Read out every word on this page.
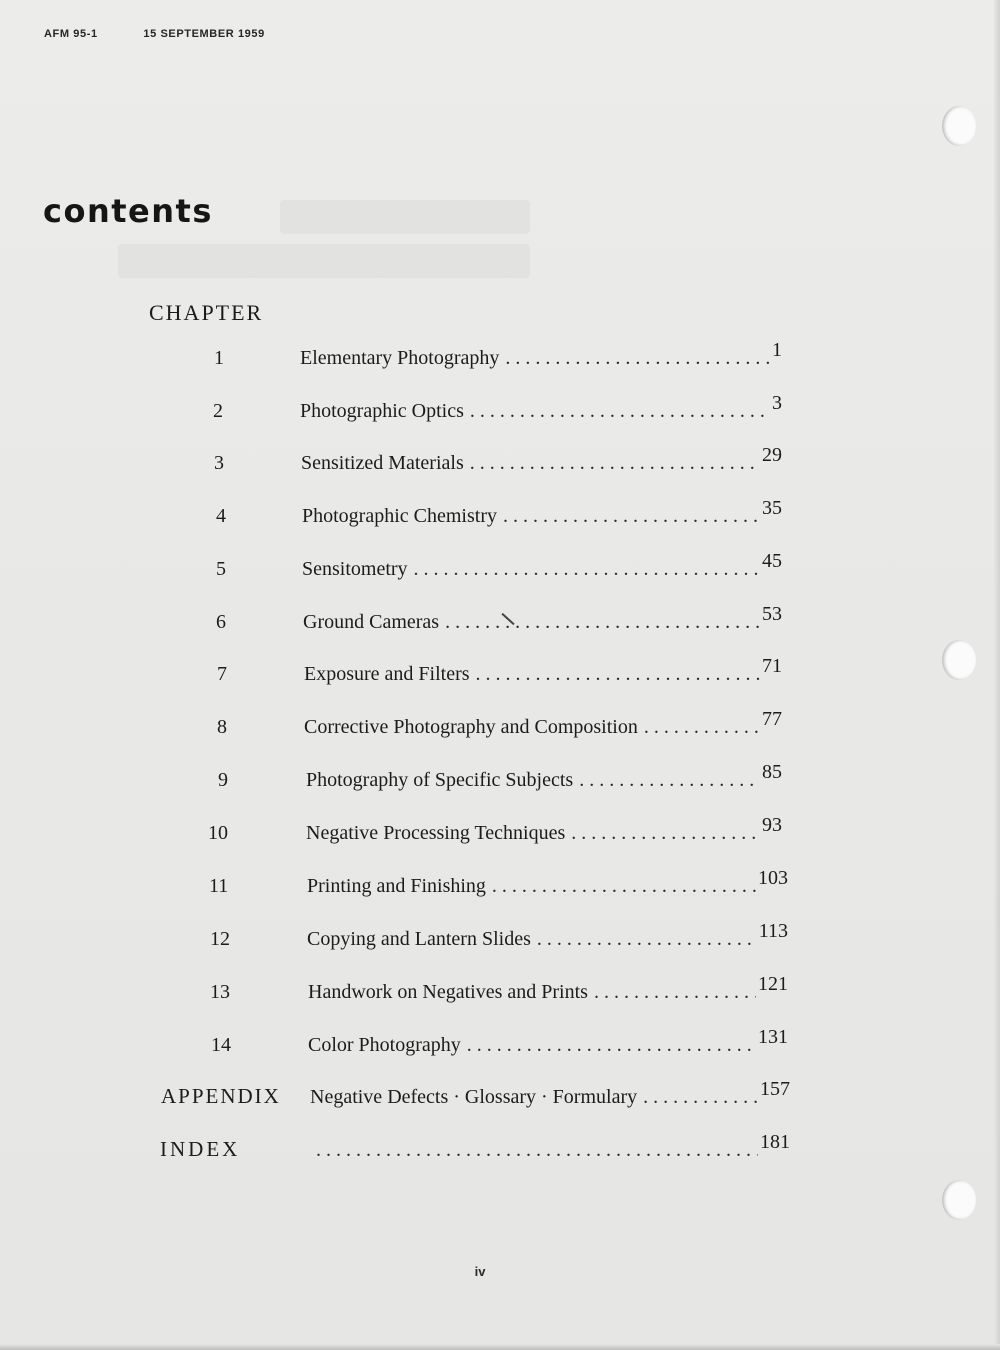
AFM 95-1	15 SEPTEMBER 1959
contents
CHAPTER
1	Elementary Photography . . .	1
2	Photographic Optics . . .	3
3	Sensitized Materials . . .	29
4	Photographic Chemistry . . .	35
5	Sensitometry . . .	45
6	Ground Cameras . . .	53
7	Exposure and Filters . . .	71
8	Corrective Photography and Composition . . .	77
9	Photography of Specific Subjects . . .	85
10	Negative Processing Techniques . . .	93
11	Printing and Finishing . . .	103
12	Copying and Lantern Slides . . .	113
13	Handwork on Negatives and Prints . . .	121
14	Color Photography . . .	131
APPENDIX	Negative Defects · Glossary · Formulary . . .	157
INDEX . . .	181
iv
